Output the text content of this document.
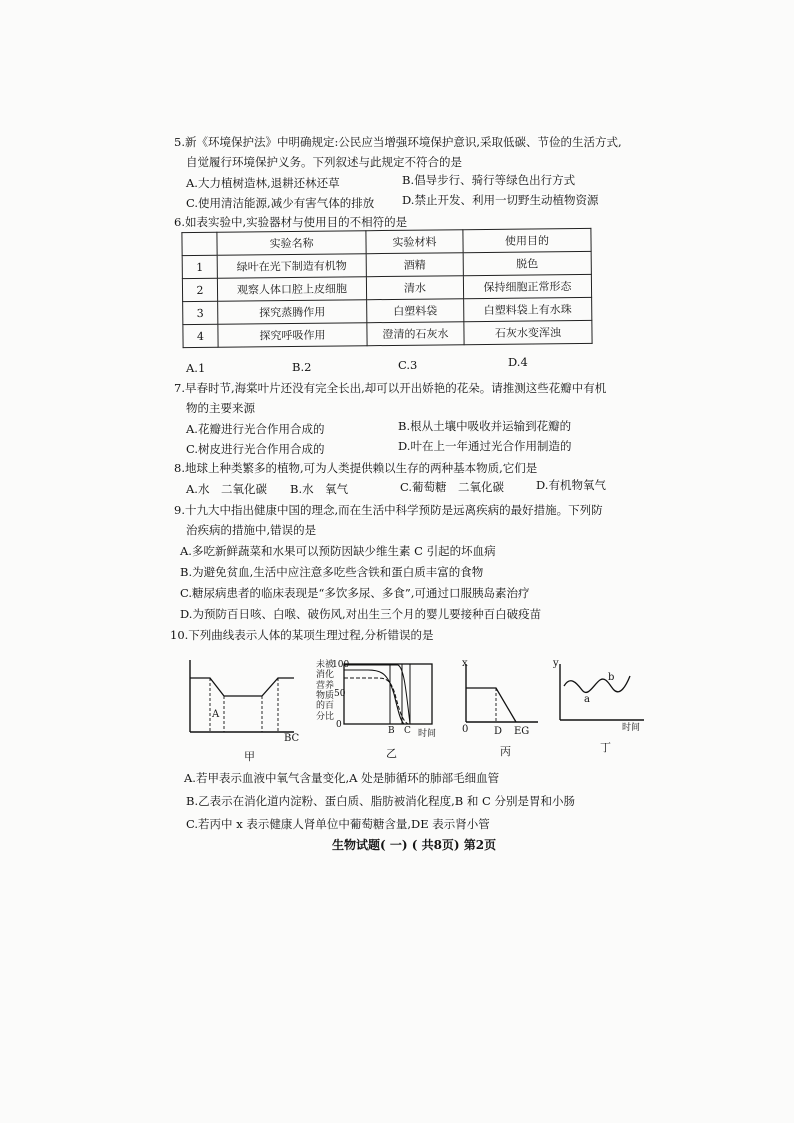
5.新《环境保护法》中明确规定:公民应当增强环境保护意识,采取低碳、节俭的生活方式,
自觉履行环境保护义务。下列叙述与此规定不符合的是
A.大力植树造林,退耕还林还草	B.倡导步行、骑行等绿色出行方式
C.使用清洁能源,减少有害气体的排放 D.禁止开发、利用一切野生动植物资源
6.如表实验中,实验器材与使用目的不相符的是
	实验名称	实验材料	使用目的
1	绿叶在光下制造有机物	酒精	脱色
2	观察人体口腔上皮细胞	清水	保持细胞正常形态
3	探究蒸腾作用	白塑料袋	白塑料袋上有水珠
4	探究呼吸作用	澄清的石灰水	石灰水变浑浊
A.1	B.2	C.3	D.4
7.早春时节,海棠叶片还没有完全长出,却可以开出娇艳的花朵。请推测这些花瓣中有机
物的主要来源
A.花瓣进行光合作用合成的	B.根从土壤中吸收并运输到花瓣的
C.树皮进行光合作用合成的	D.叶在上一年通过光合作用制造的
8.地球上种类繁多的植物,可为人类提供赖以生存的两种基本物质,它们是
A.水　二氧化碳 B.水　氧气	C.葡萄糖　二氧化碳	D.有机物氧气
9.十九大中指出健康中国的理念,而在生活中科学预防是远离疾病的最好措施。下列防
治疾病的措施中,错误的是
A.多吃新鲜蔬菜和水果可以预防因缺少维生素 C 引起的坏血病
B.为避免贫血,生活中应注意多吃些含铁和蛋白质丰富的食物
C.糖尿病患者的临床表现是“多饮多尿、多食”,可通过口服胰岛素治疗
D.为预防百日咳、白喉、破伤风,对出生三个月的婴儿要接种百白破疫苗
10.下列曲线表示人体的某项生理过程,分析错误的是
A
BC
甲
未被消化营养物质的百分比
100
50
0
B C 时间
乙
x
0	D EG
丙
y
a
b
时间
丁
A.若甲表示血液中氧气含量变化,A 处是肺循环的肺部毛细血管
B.乙表示在消化道内淀粉、蛋白质、脂肪被消化程度,B 和 C 分别是胃和小肠
C.若丙中 x 表示健康人肾单位中葡萄糖含量,DE 表示肾小管
生物试题( 一) ( 共8页) 第2页
